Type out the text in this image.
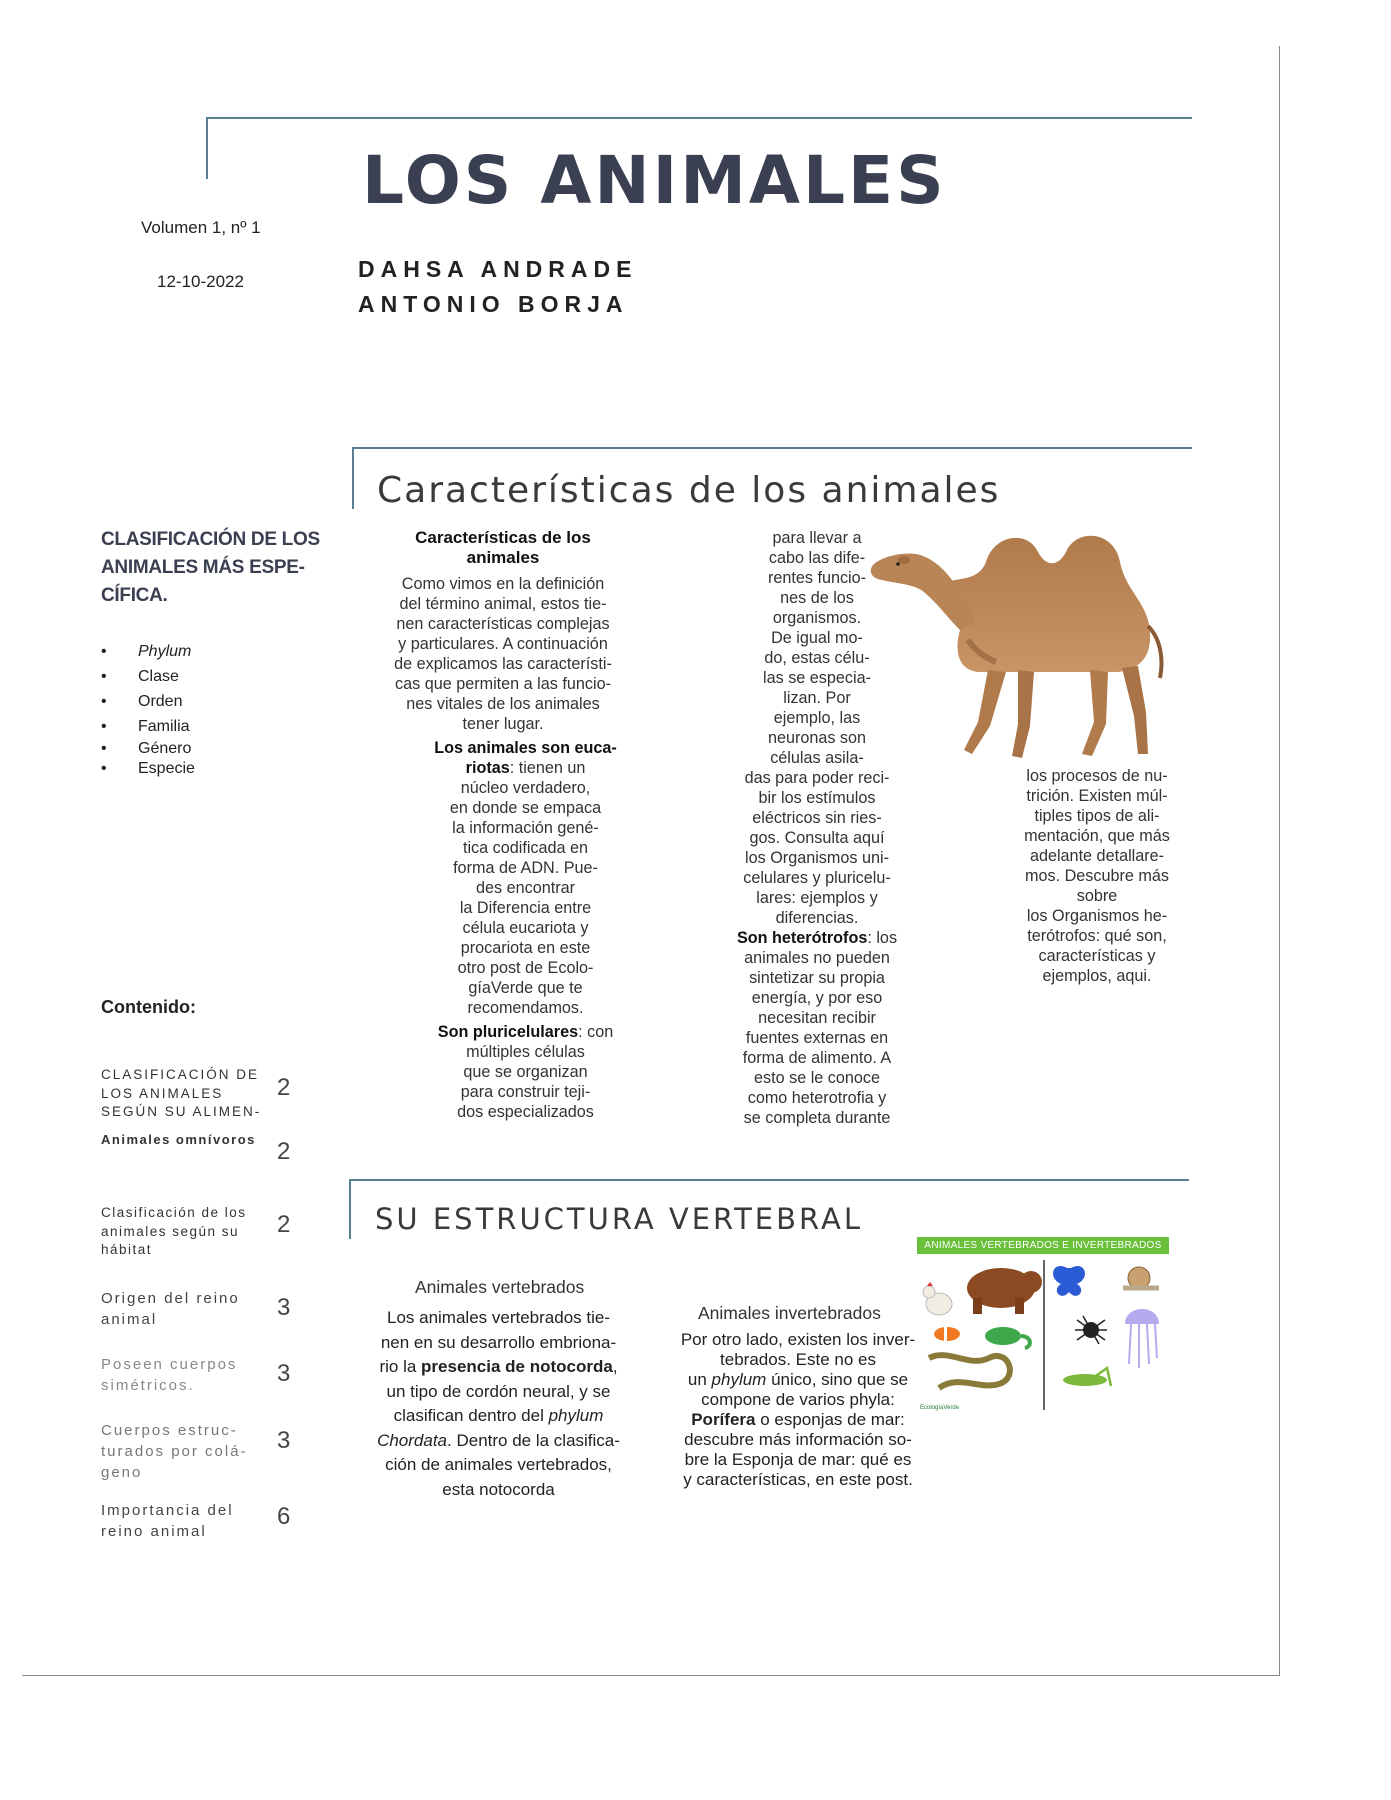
LOS ANIMALES
Volumen 1, nº 1
12-10-2022	DAHSA ANDRADE
ANTONIO BORJA
Características de los animales
CLASIFICACIÓN DE LOS
ANIMALES MÁS ESPE-
CÍFICA.
• Phylum
• Clase
• Orden
• Familia
• Género
• Especie
Contenido:
CLASIFICACIÓN DE
LOS ANIMALES
SEGÚN SU ALIMEN-
2
Animales omnívoros 2
Clasificación de los
animales según su
hábitat
2
Origen del reino
animal	3
Poseen cuerpos
simétricos.	3
Cuerpos estruc-
turados por colá-
geno
3
Importancia del
reino animal
6

Características de los
animales

Como vimos en la definición
del término animal, estos tie-
nen características complejas
y particulares. A continuación
de explicamos las característi-
cas que permiten a las funcio-
nes vitales de los animales
tener lugar.

Los animales son euca-
riotas: tienen un
núcleo verdadero,
en donde se empaca
la información gené-
tica codificada en
forma de ADN. Pue-
des encontrar
la Diferencia entre
célula eucariota y
procariota en este
otro post de Ecolo-
gíaVerde que te
recomendamos.

Son pluricelulares: con
múltiples células
que se organizan
para construir teji-
dos especializados

para llevar a
cabo las dife-
rentes funcio-
nes de los
organismos.
De igual mo-
do, estas célu-
las se especia-
lizan. Por
ejemplo, las
neuronas son
células asila-
das para poder reci-
bir los estímulos
eléctricos sin ries-
gos. Consulta aquí
los Organismos uni-
celulares y pluricelu-
lares: ejemplos y
diferencias.

Son heterótrofos: los
animales no pueden
sintetizar su propia
energía, y por eso
necesitan recibir
fuentes externas en
forma de alimento. A
esto se le conoce
como heterotrofia y
se completa durante

los procesos de nu-
trición. Existen múl-
tiples tipos de ali-
mentación, que más
adelante detallare-
mos. Descubre más
sobre
los Organismos he-
terótrofos: qué son,
características y
ejemplos, aqui.

SU ESTRUCTURA VERTEBRAL
Animales vertebrados

Los animales vertebrados tie-
nen en su desarrollo embriona-
rio la presencia de notocorda,
un tipo de cordón neural, y se
clasifican dentro del phylum
Chordata. Dentro de la clasifica-
ción de animales vertebrados,
esta notocorda

Animales invertebrados

Por otro lado, existen los inver-
tebrados. Este no es
un phylum único, sino que se
compone de varios phyla:
Porífera o esponjas de mar:
descubre más información so-
bre la Esponja de mar: qué es
y características, en este post.

ANIMALES VERTEBRADOS E INVERTEBRADOS
EcologíaVerde
